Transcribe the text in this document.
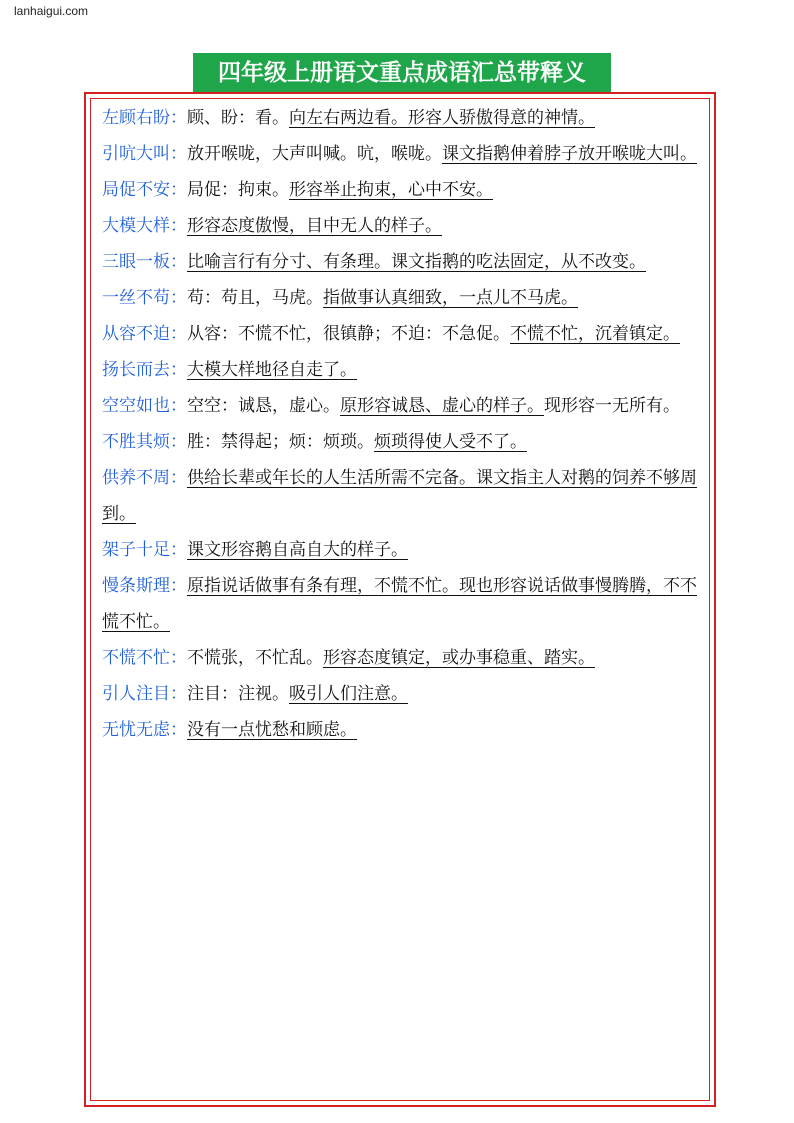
lanhaigui.com
四年级上册语文重点成语汇总带释义

左顾右盼：顾、盼：看。向左右两边看。形容人骄傲得意的神情。

引吭大叫：放开喉咙，大声叫喊。吭，喉咙。课文指鹅伸着脖子放开喉咙大叫。

局促不安：局促：拘束。形容举止拘束，心中不安。

大模大样：形容态度傲慢，目中无人的样子。

三眼一板：比喻言行有分寸、有条理。课文指鹅的吃法固定，从不改变。

一丝不苟：苟：苟且，马虎。指做事认真细致，一点儿不马虎。

从容不迫：从容：不慌不忙，很镇静；不迫：不急促。不慌不忙，沉着镇定。

扬长而去：大模大样地径自走了。

空空如也：空空：诚恳，虚心。原形容诚恳、虚心的样子。现形容一无所有。

不胜其烦：胜：禁得起；烦：烦琐。烦琐得使人受不了。

供养不周：供给长辈或年长的人生活所需不完备。课文指主人对鹅的饲养不够周到。

架子十足：课文形容鹅自高自大的样子。

慢条斯理：原指说话做事有条有理，不慌不忙。现也形容说话做事慢腾腾，不不慌不忙。

不慌不忙：不慌张，不忙乱。形容态度镇定，或办事稳重、踏实。

引人注目：注目：注视。吸引人们注意。

无忧无虑：没有一点忧愁和顾虑。
